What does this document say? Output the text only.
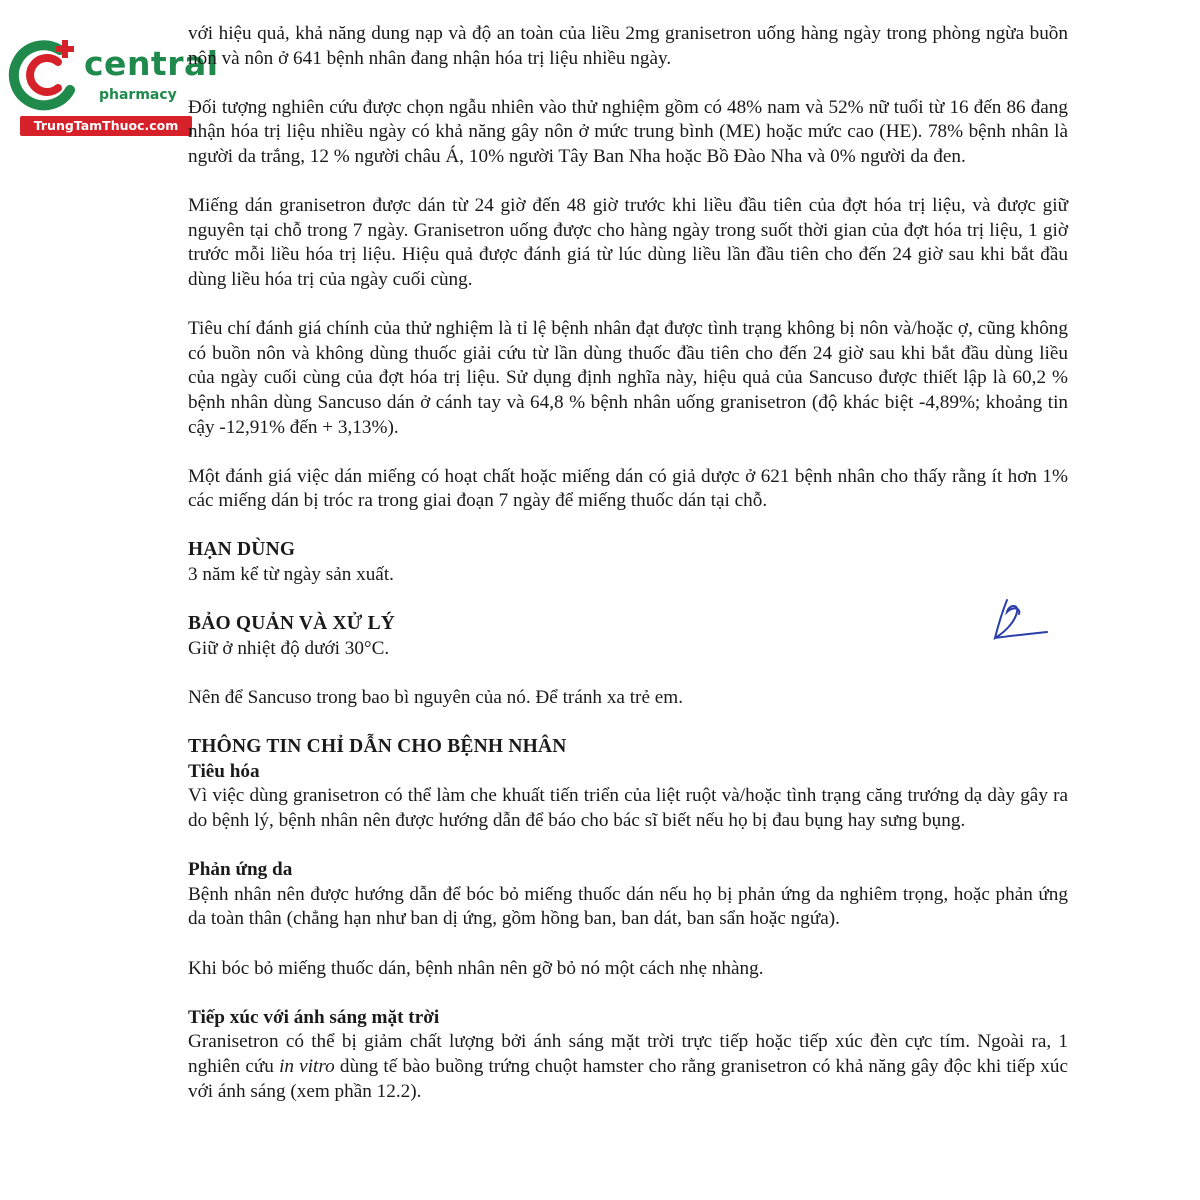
central
pharmacy
TrungTamThuoc.com

với hiệu quả, khả năng dung nạp và độ an toàn của liều 2mg granisetron uống hàng ngày trong phòng ngừa buồn nôn và nôn ở 641 bệnh nhân đang nhận hóa trị liệu nhiều ngày.

Đối tượng nghiên cứu được chọn ngẫu nhiên vào thử nghiệm gồm có 48% nam và 52% nữ tuổi từ 16 đến 86 đang nhận hóa trị liệu nhiều ngày có khả năng gây nôn ở mức trung bình (ME) hoặc mức cao (HE). 78% bệnh nhân là người da trắng, 12 % người châu Á, 10% người Tây Ban Nha hoặc Bồ Đào Nha và 0% người da đen.

Miếng dán granisetron được dán từ 24 giờ đến 48 giờ trước khi liều đầu tiên của đợt hóa trị liệu, và được giữ nguyên tại chỗ trong 7 ngày. Granisetron uống được cho hàng ngày trong suốt thời gian của đợt hóa trị liệu, 1 giờ trước mỗi liều hóa trị liệu. Hiệu quả được đánh giá từ lúc dùng liều lần đầu tiên cho đến 24 giờ sau khi bắt đầu dùng liều hóa trị của ngày cuối cùng.

Tiêu chí đánh giá chính của thử nghiệm là tỉ lệ bệnh nhân đạt được tình trạng không bị nôn và/hoặc ợ, cũng không có buồn nôn và không dùng thuốc giải cứu từ lần dùng thuốc đầu tiên cho đến 24 giờ sau khi bắt đầu dùng liều của ngày cuối cùng của đợt hóa trị liệu. Sử dụng định nghĩa này, hiệu quả của Sancuso được thiết lập là 60,2 % bệnh nhân dùng Sancuso dán ở cánh tay và 64,8 % bệnh nhân uống granisetron (độ khác biệt -4,89%; khoảng tin cậy -12,91% đến + 3,13%).

Một đánh giá việc dán miếng có hoạt chất hoặc miếng dán có giả dược ở 621 bệnh nhân cho thấy rằng ít hơn 1% các miếng dán bị tróc ra trong giai đoạn 7 ngày để miếng thuốc dán tại chỗ.

HẠN DÙNG

3 năm kể từ ngày sản xuất.

BẢO QUẢN VÀ XỬ LÝ

Giữ ở nhiệt độ dưới 30°C.

Nên để Sancuso trong bao bì nguyên của nó. Để tránh xa trẻ em.

THÔNG TIN CHỈ DẪN CHO BỆNH NHÂN

Tiêu hóa

Vì việc dùng granisetron có thể làm che khuất tiến triển của liệt ruột và/hoặc tình trạng căng trướng dạ dày gây ra do bệnh lý, bệnh nhân nên được hướng dẫn để báo cho bác sĩ biết nếu họ bị đau bụng hay sưng bụng.

Phản ứng da

Bệnh nhân nên được hướng dẫn để bóc bỏ miếng thuốc dán nếu họ bị phản ứng da nghiêm trọng, hoặc phản ứng da toàn thân (chẳng hạn như ban dị ứng, gồm hồng ban, ban dát, ban sẩn hoặc ngứa).

Khi bóc bỏ miếng thuốc dán, bệnh nhân nên gỡ bỏ nó một cách nhẹ nhàng.

Tiếp xúc với ánh sáng mặt trời

Granisetron có thể bị giảm chất lượng bởi ánh sáng mặt trời trực tiếp hoặc tiếp xúc đèn cực tím. Ngoài ra, 1 nghiên cứu in vitro dùng tế bào buồng trứng chuột hamster cho rằng granisetron có khả năng gây độc khi tiếp xúc với ánh sáng (xem phần 12.2).
